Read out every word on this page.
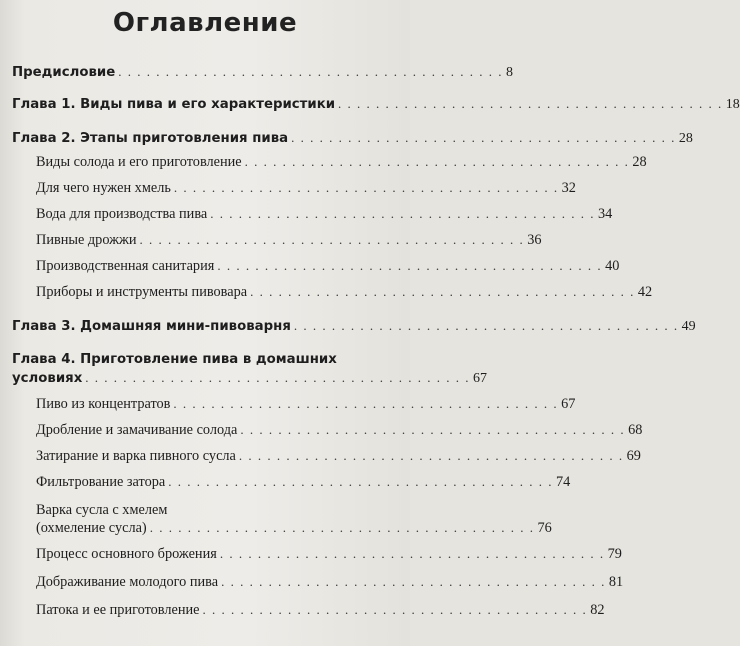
Оглавление
Предисловие . . . . . . . . . . . . . . . . . . . . . . . . . . . . . . . . . . . . . . . . . 8
Глава 1. Виды пива и его характеристики . . . . . . . . . . . . . . . . . . . . . . . . . . . . . . . . . . . . . . . . . 18
Глава 2. Этапы приготовления пива . . . . . . . . . . . . . . . . . . . . . . . . . . . . . . . . . . . . . . . . . 28
Виды солода и его приготовление . . . . . . . . . . . . . . . . . . . . . . . . . . . . . . . . . . . . . . . . . 28
Для чего нужен хмель . . . . . . . . . . . . . . . . . . . . . . . . . . . . . . . . . . . . . . . . . 32
Вода для производства пива . . . . . . . . . . . . . . . . . . . . . . . . . . . . . . . . . . . . . . . . . 34
Пивные дрожжи . . . . . . . . . . . . . . . . . . . . . . . . . . . . . . . . . . . . . . . . . 36
Производственная санитария . . . . . . . . . . . . . . . . . . . . . . . . . . . . . . . . . . . . . . . . . 40
Приборы и инструменты пивовара . . . . . . . . . . . . . . . . . . . . . . . . . . . . . . . . . . . . . . . . . 42
Глава 3. Домашняя мини-пивоварня . . . . . . . . . . . . . . . . . . . . . . . . . . . . . . . . . . . . . . . . . 49
Глава 4. Приготовление пива в домашних
условиях . . . . . . . . . . . . . . . . . . . . . . . . . . . . . . . . . . . . . . . . . 67
Пиво из концентратов . . . . . . . . . . . . . . . . . . . . . . . . . . . . . . . . . . . . . . . . . 67
Дробление и замачивание солода . . . . . . . . . . . . . . . . . . . . . . . . . . . . . . . . . . . . . . . . . 68
Затирание и варка пивного сусла . . . . . . . . . . . . . . . . . . . . . . . . . . . . . . . . . . . . . . . . . 69
Фильтрование затора . . . . . . . . . . . . . . . . . . . . . . . . . . . . . . . . . . . . . . . . . 74
Варка сусла с хмелем
(охмеление сусла) . . . . . . . . . . . . . . . . . . . . . . . . . . . . . . . . . . . . . . . . . 76
Процесс основного брожения . . . . . . . . . . . . . . . . . . . . . . . . . . . . . . . . . . . . . . . . . 79
Дображивание молодого пива . . . . . . . . . . . . . . . . . . . . . . . . . . . . . . . . . . . . . . . . . 81
Патока и ее приготовление . . . . . . . . . . . . . . . . . . . . . . . . . . . . . . . . . . . . . . . . . 82
